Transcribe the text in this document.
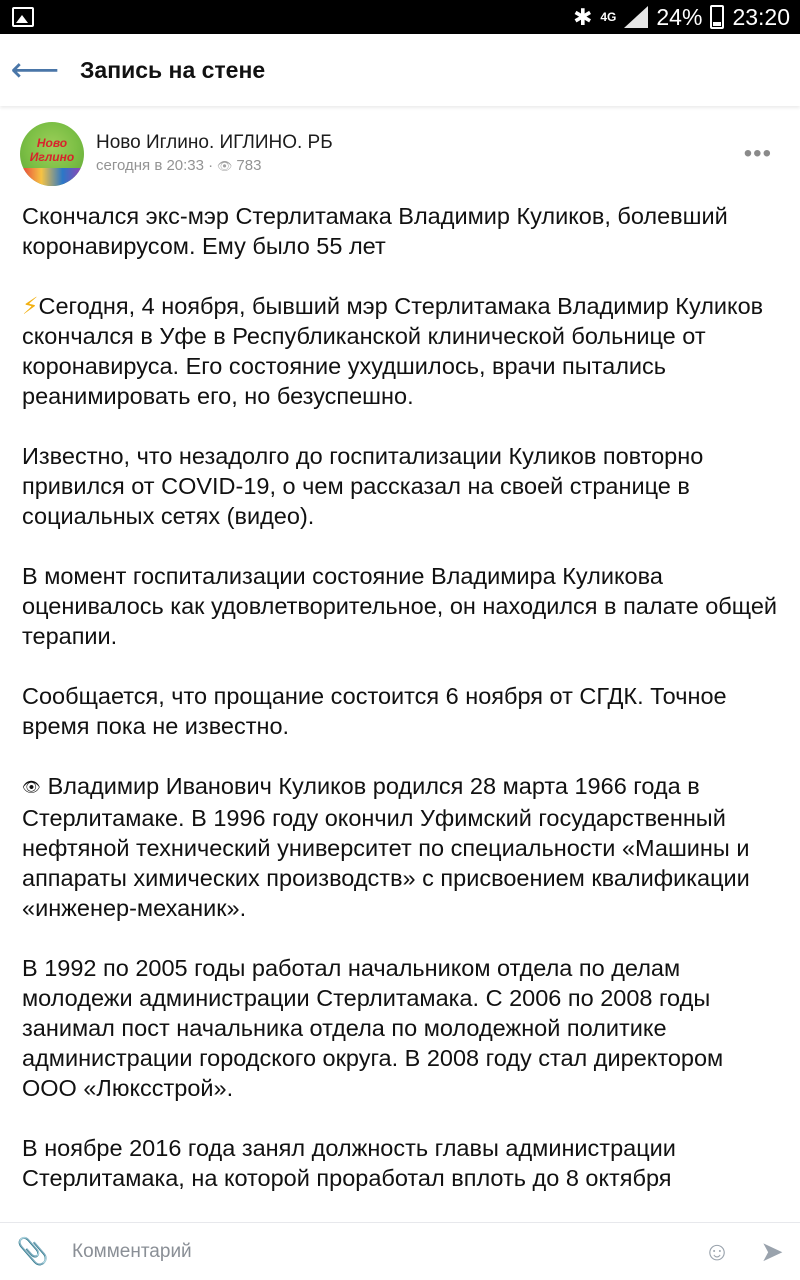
✱ 4G 24% 23:20
⟵ Запись на стене
Ново Иглино
Ново Иглино. ИГЛИНО. РБ
сегодня в 20:33 · 👁 783	•••

Скончался экс-мэр Стерлитамака Владимир Куликов, болевший коронавирусом. Ему было 55 лет

⚡Сегодня, 4 ноября, бывший мэр Стерлитамака Владимир Куликов скончался в Уфе в Республиканской клинической больнице от коронавируса. Его состояние ухудшилось, врачи пытались реанимировать его, но безуспешно.

Известно, что незадолго до госпитализации Куликов повторно привился от COVID-19, о чем рассказал на своей странице в социальных сетях (видео).

В момент госпитализации состояние Владимира Куликова оценивалось как удовлетворительное, он находился в палате общей терапии.

Сообщается, что прощание состоится 6 ноября от СГДК. Точное время пока не известно.

👁 Владимир Иванович Куликов родился 28 марта 1966 года в Стерлитамаке. В 1996 году окончил Уфимский государственный нефтяной технический университет по специальности «Машины и аппараты химических производств» с присвоением квалификации «инженер-механик».

В 1992 по 2005 годы работал начальником отдела по делам молодежи администрации Стерлитамака. С 2006 по 2008 годы занимал пост начальника отдела по молодежной политике администрации городского округа. В 2008 году стал директором ООО «Люксстрой».

В ноябре 2016 года занял должность главы администрации Стерлитамака, на которой проработал вплоть до 8 октября

📎
Комментарий	☺ ➤
